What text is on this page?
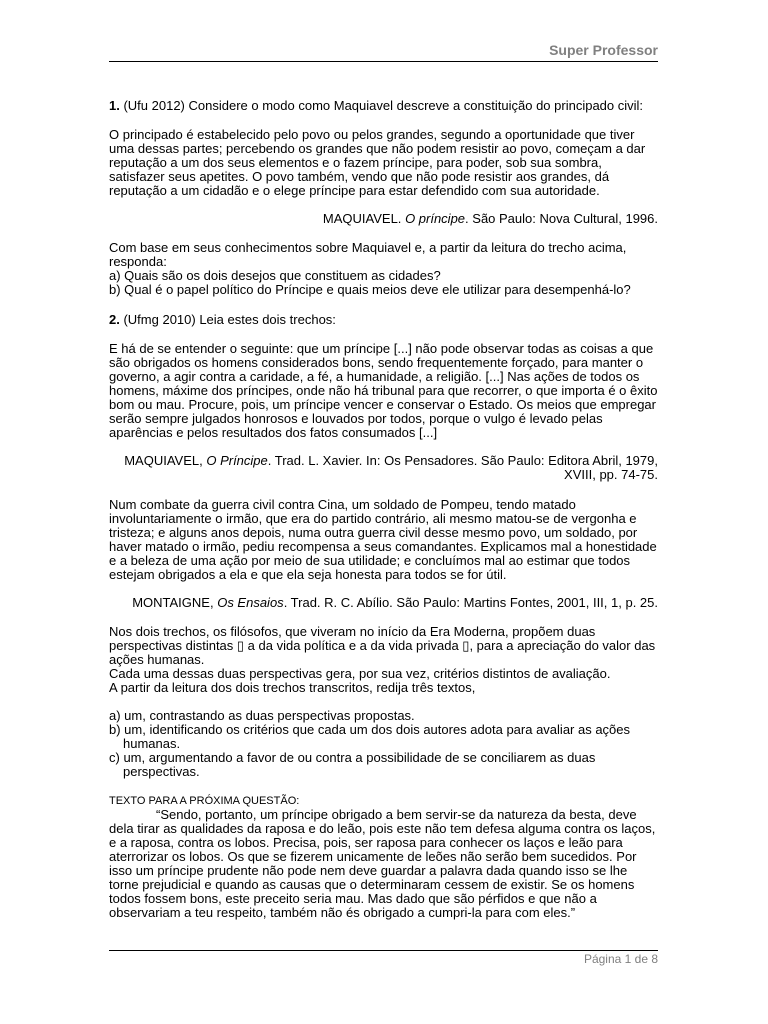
Super Professor

1. (Ufu 2012) Considere o modo como Maquiavel descreve a constituição do principado civil:

O principado é estabelecido pelo povo ou pelos grandes, segundo a oportunidade que tiver uma dessas partes; percebendo os grandes que não podem resistir ao povo, começam a dar reputação a um dos seus elementos e o fazem príncipe, para poder, sob sua sombra, satisfazer seus apetites. O povo também, vendo que não pode resistir aos grandes, dá reputação a um cidadão e o elege príncipe para estar defendido com sua autoridade.

MAQUIAVEL. O príncipe. São Paulo: Nova Cultural, 1996.

Com base em seus conhecimentos sobre Maquiavel e, a partir da leitura do trecho acima, responda:

a) Quais são os dois desejos que constituem as cidades?

b) Qual é o papel político do Príncipe e quais meios deve ele utilizar para desempenhá-lo?

2. (Ufmg 2010) Leia estes dois trechos:

E há de se entender o seguinte: que um príncipe [...] não pode observar todas as coisas a que são obrigados os homens considerados bons, sendo frequentemente forçado, para manter o governo, a agir contra a caridade, a fé, a humanidade, a religião. [...] Nas ações de todos os homens, máxime dos príncipes, onde não há tribunal para que recorrer, o que importa é o êxito bom ou mau. Procure, pois, um príncipe vencer e conservar o Estado. Os meios que empregar serão sempre julgados honrosos e louvados por todos, porque o vulgo é levado pelas aparências e pelos resultados dos fatos consumados [...]

MAQUIAVEL, O Príncipe. Trad. L. Xavier. In: Os Pensadores. São Paulo: Editora Abril, 1979, XVIII, pp. 74-75.

Num combate da guerra civil contra Cina, um soldado de Pompeu, tendo matado involuntariamente o irmão, que era do partido contrário, ali mesmo matou-se de vergonha e tristeza; e alguns anos depois, numa outra guerra civil desse mesmo povo, um soldado, por haver matado o irmão, pediu recompensa a seus comandantes. Explicamos mal a honestidade e a beleza de uma ação por meio de sua utilidade; e concluímos mal ao estimar que todos estejam obrigados a ela e que ela seja honesta para todos se for útil.

MONTAIGNE, Os Ensaios. Trad. R. C. Abílio. São Paulo: Martins Fontes, 2001, III, 1, p. 25.

Nos dois trechos, os filósofos, que viveram no início da Era Moderna, propõem duas perspectivas distintas ▯ a da vida política e a da vida privada ▯, para a apreciação do valor das ações humanas.

Cada uma dessas duas perspectivas gera, por sua vez, critérios distintos de avaliação.

A partir da leitura dos dois trechos transcritos, redija três textos,

a) um, contrastando as duas perspectivas propostas.

b) um, identificando os critérios que cada um dos dois autores adota para avaliar as ações humanas.

c) um, argumentando a favor de ou contra a possibilidade de se conciliarem as duas perspectivas.

TEXTO PARA A PRÓXIMA QUESTÃO:

“Sendo, portanto, um príncipe obrigado a bem servir-se da natureza da besta, deve dela tirar as qualidades da raposa e do leão, pois este não tem defesa alguma contra os laços, e a raposa, contra os lobos. Precisa, pois, ser raposa para conhecer os laços e leão para aterrorizar os lobos. Os que se fizerem unicamente de leões não serão bem sucedidos. Por isso um príncipe prudente não pode nem deve guardar a palavra dada quando isso se lhe torne prejudicial e quando as causas que o determinaram cessem de existir. Se os homens todos fossem bons, este preceito seria mau. Mas dado que são pérfidos e que não a observariam a teu respeito, também não és obrigado a cumpri-la para com eles.”

Página 1 de 8
